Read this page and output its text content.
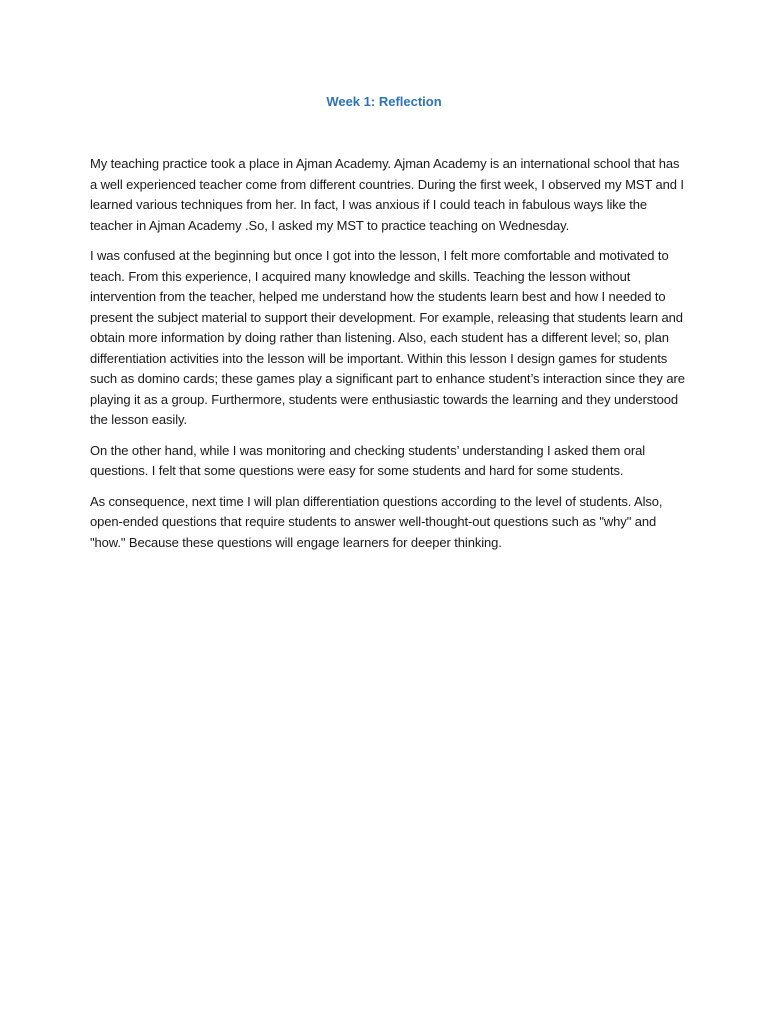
Week 1: Reflection

My teaching practice took a place in Ajman Academy. Ajman Academy is an international school that has a well experienced teacher come from different countries. During the first week, I observed my MST and I learned various techniques from her. In fact, I was anxious if I could teach in fabulous ways like the teacher in Ajman Academy .So, I asked my MST to practice teaching on Wednesday.

I was confused at the beginning but once I got into the lesson, I felt more comfortable and motivated to teach. From this experience, I acquired many knowledge and skills. Teaching the lesson without intervention from the teacher, helped me understand how the students learn best and how I needed to present the subject material to support their development. For example, releasing that students learn and obtain more information by doing rather than listening. Also, each student has a different level; so, plan differentiation activities into the lesson will be important. Within this lesson I design games for students such as domino cards; these games play a significant part to enhance student’s interaction since they are playing it as a group. Furthermore, students were enthusiastic towards the learning and they understood the lesson easily.

On the other hand, while I was monitoring and checking students’ understanding I asked them oral questions. I felt that some questions were easy for some students and hard for some students.

As consequence, next time I will plan differentiation questions according to the level of students. Also, open-ended questions that require students to answer well-thought-out questions such as "why" and "how." Because these questions will engage learners for deeper thinking.
